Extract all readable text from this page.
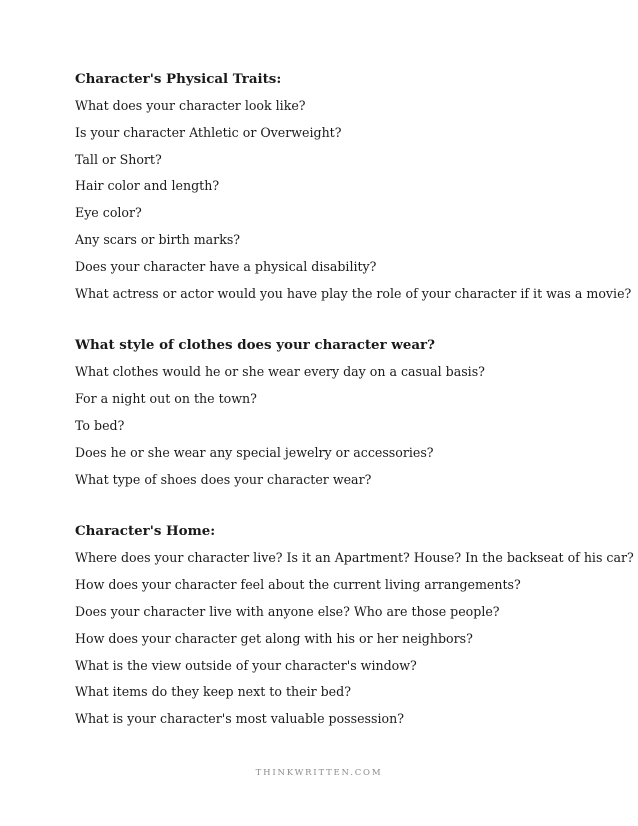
Character's Physical Traits:

What does your character look like?

Is your character Athletic or Overweight?

Tall or Short?

Hair color and length?

Eye color?

Any scars or birth marks?

Does your character have a physical disability?

What actress or actor would you have play the role of your character if it was a movie?

What style of clothes does your character wear?

What clothes would he or she wear every day on a casual basis?

For a night out on the town?

To bed?

Does he or she wear any special jewelry or accessories?

What type of shoes does your character wear?

Character's Home:

Where does your character live? Is it an Apartment? House? In the backseat of his car?

How does your character feel about the current living arrangements?

Does your character live with anyone else? Who are those people?

How does your character get along with his or her neighbors?

What is the view outside of your character's window?

What items do they keep next to their bed?

What is your character's most valuable possession?

THINKWRITTEN.COM
